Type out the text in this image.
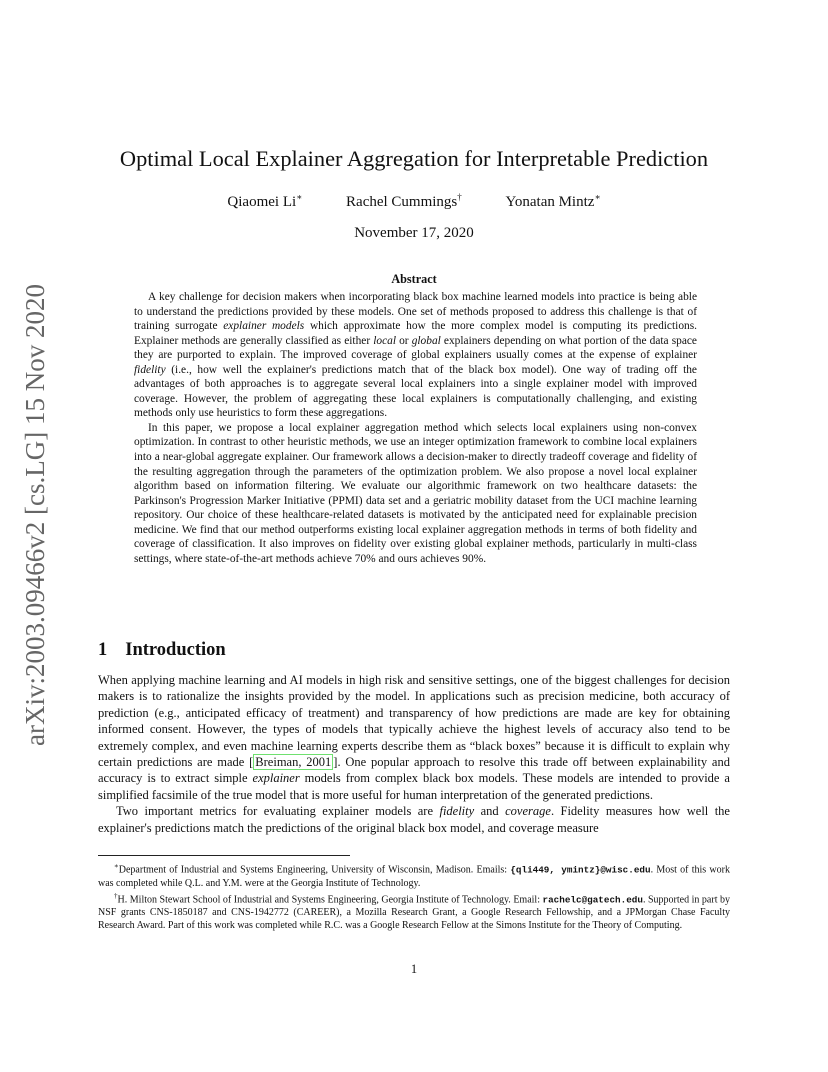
arXiv:2003.09466v2 [cs.LG] 15 Nov 2020
Optimal Local Explainer Aggregation for Interpretable Prediction
Qiaomei Li∗	Rachel Cummings†	Yonatan Mintz∗
November 17, 2020
Abstract

A key challenge for decision makers when incorporating black box machine learned models into practice is being able to understand the predictions provided by these models. One set of methods proposed to address this challenge is that of training surrogate explainer models which approximate how the more complex model is computing its predictions. Explainer methods are generally classified as either local or global explainers depending on what portion of the data space they are purported to explain. The improved coverage of global explainers usually comes at the expense of explainer fidelity (i.e., how well the explainer's predictions match that of the black box model). One way of trading off the advantages of both approaches is to aggregate several local explainers into a single explainer model with improved coverage. However, the problem of aggregating these local explainers is computationally challenging, and existing methods only use heuristics to form these aggregations.

In this paper, we propose a local explainer aggregation method which selects local explainers using non-convex optimization. In contrast to other heuristic methods, we use an integer optimization framework to combine local explainers into a near-global aggregate explainer. Our framework allows a decision-maker to directly tradeoff coverage and fidelity of the resulting aggregation through the parameters of the optimization problem. We also propose a novel local explainer algorithm based on information filtering. We evaluate our algorithmic framework on two healthcare datasets: the Parkinson's Progression Marker Initiative (PPMI) data set and a geriatric mobility dataset from the UCI machine learning repository. Our choice of these healthcare-related datasets is motivated by the anticipated need for explainable precision medicine. We find that our method outperforms existing local explainer aggregation methods in terms of both fidelity and coverage of classification. It also improves on fidelity over existing global explainer methods, particularly in multi-class settings, where state-of-the-art methods achieve 70% and ours achieves 90%.

1 Introduction

When applying machine learning and AI models in high risk and sensitive settings, one of the biggest challenges for decision makers is to rationalize the insights provided by the model. In applications such as precision medicine, both accuracy of prediction (e.g., anticipated efficacy of treatment) and transparency of how predictions are made are key for obtaining informed consent. However, the types of models that typically achieve the highest levels of accuracy also tend to be extremely complex, and even machine learning experts describe them as “black boxes” because it is difficult to explain why certain predictions are made [ Breiman, 2001 ]. One popular approach to resolve this trade off between explainability and accuracy is to extract simple explainer models from complex black box models. These models are intended to provide a simplified facsimile of the true model that is more useful for human interpretation of the generated predictions.

Two important metrics for evaluating explainer models are fidelity and coverage. Fidelity measures how well the explainer's predictions match the predictions of the original black box model, and coverage measure

∗Department of Industrial and Systems Engineering, University of Wisconsin, Madison. Emails: {qli449, ymintz}@wisc.edu. Most of this work was completed while Q.L. and Y.M. were at the Georgia Institute of Technology.

†H. Milton Stewart School of Industrial and Systems Engineering, Georgia Institute of Technology. Email: rachelc@gatech.edu. Supported in part by NSF grants CNS-1850187 and CNS-1942772 (CAREER), a Mozilla Research Grant, a Google Research Fellowship, and a JPMorgan Chase Faculty Research Award. Part of this work was completed while R.C. was a Google Research Fellow at the Simons Institute for the Theory of Computing.

1
